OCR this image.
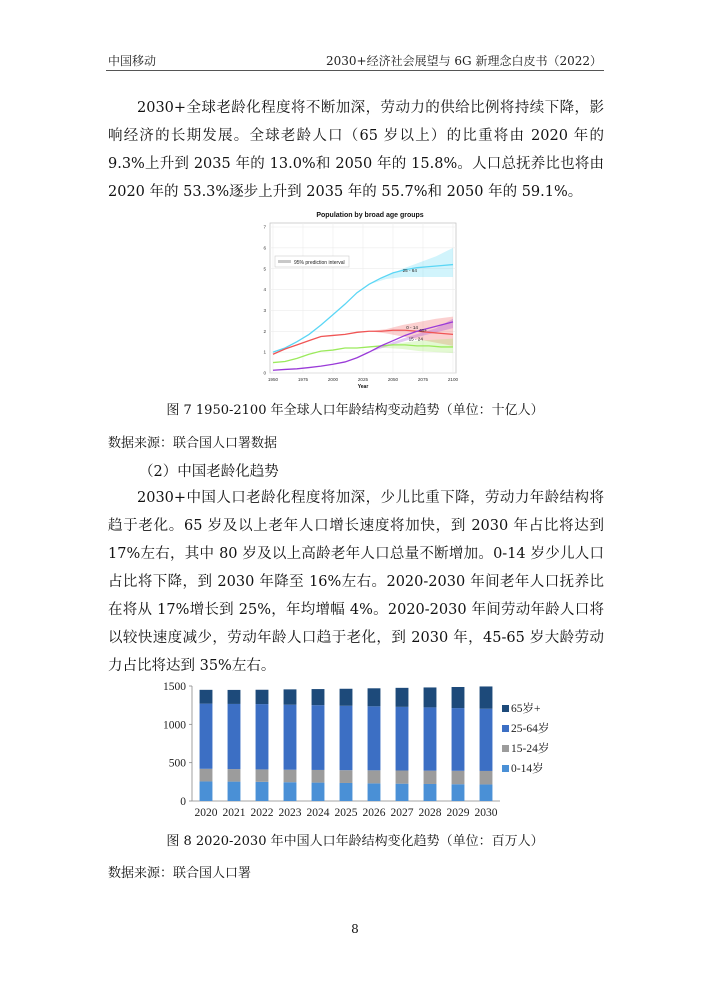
中国移动	2030+经济社会展望与 6G 新理念白皮书（2022）

2030+全球老龄化程度将不断加深，劳动力的供给比例将持续下降，影响经济的长期发展。全球老龄人口（65 岁以上）的比重将由 2020 年的 9.3%上升到 2035 年的 13.0%和 2050 年的 15.8%。人口总抚养比也将由 2020 年的 53.3%逐步上升到 2035 年的 55.7%和 2050 年的 59.1%。

Population by broad age groups
1950	1975	2000	2025	2050	2075	2100
0
1
2
3
4
5
6
7
95% prediction interval
25 - 64
0 - 14
15 - 24
65+
Year
图 7 1950-2100 年全球人口年龄结构变动趋势（单位：十亿人）
数据来源：联合国人口署数据
（2）中国老龄化趋势

2030+中国人口老龄化程度将加深，少儿比重下降，劳动力年龄结构将趋于老化。65 岁及以上老年人口增长速度将加快，到 2030 年占比将达到 17%左右，其中 80 岁及以上高龄老年人口总量不断增加。0-14 岁少儿人口占比将下降，到 2030 年降至 16%左右。2020-2030 年间老年人口抚养比在将从 17%增长到 25%，年均增幅 4%。2020-2030 年间劳动年龄人口将以较快速度减少，劳动年龄人口趋于老化，到 2030 年，45-65 岁大龄劳动力占比将达到 35%左右。

0
500
1000
1500
2020 2021 2022 2023 2024 2025 2026 2027 2028 2029 2030
65岁+
25-64岁
15-24岁
0-14岁
图 8 2020-2030 年中国人口年龄结构变化趋势（单位：百万人）
数据来源：联合国人口署
8
